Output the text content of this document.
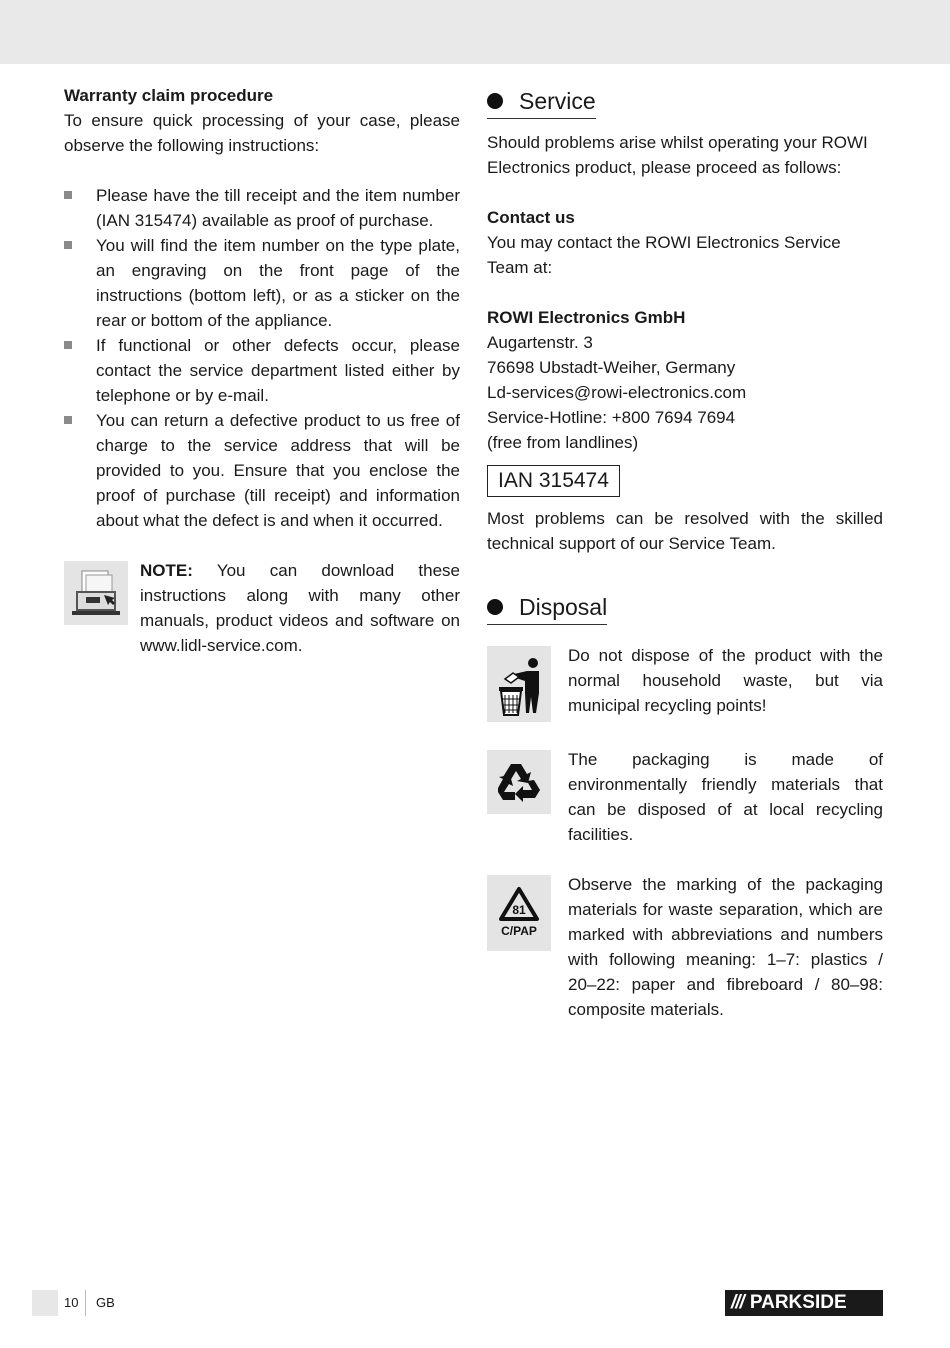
Warranty claim procedure

To ensure quick processing of your case, please observe the following instructions:

Please have the till receipt and the item number (IAN 315474) available as proof of purchase.
You will find the item number on the type plate, an engraving on the front page of the instructions (bottom left), or as a sticker on the rear or bottom of the appliance.
If functional or other defects occur, please contact the service department listed either by telephone or by e-mail.
You can return a defective product to us free of charge to the service address that will be provided to you. Ensure that you enclose the proof of purchase (till receipt) and information about what the defect is and when it occurred.
NOTE: You can download these instructions along with many other manuals, product videos and software on www.lidl-service.com.
Service

Should problems arise whilst operating your ROWI Electronics product, please proceed as follows:

Contact us

You may contact the ROWI Electronics Service Team at:

ROWI Electronics GmbH

Augartenstr. 3

76698 Ubstadt-Weiher, Germany

Ld-services@rowi-electronics.com

Service-Hotline: +800 7694 7694

(free from landlines)

IAN 315474

Most problems can be resolved with the skilled technical support of our Service Team.

Disposal
Do not dispose of the product with the normal household waste, but via municipal recycling points!
The packaging is made of environmentally friendly materials that can be disposed of at local recycling facilities.
81
C/PAP
Observe the marking of the packaging materials for waste separation, which are marked with abbreviations and numbers with following meaning: 1–7: plastics / 20–22: paper and fibreboard / 80–98: composite materials.
10 GB	/// PARKSIDE
